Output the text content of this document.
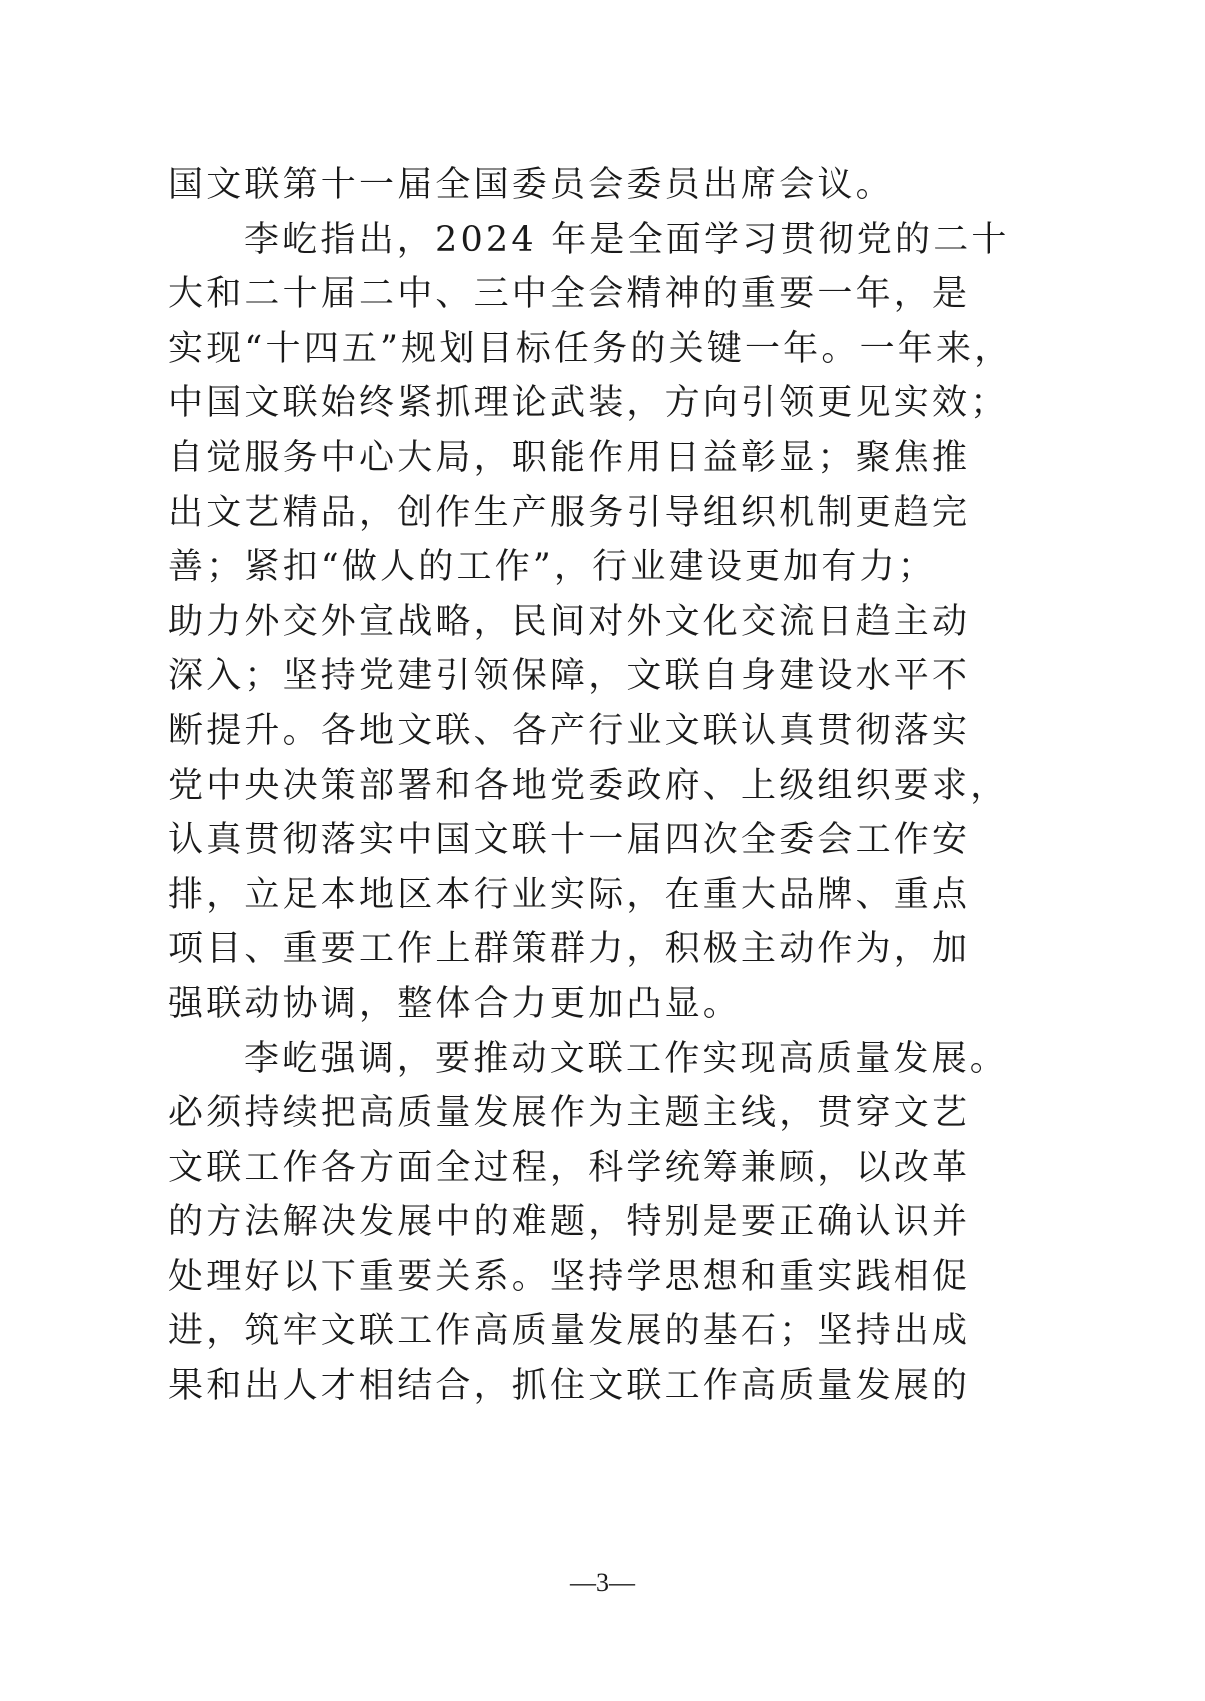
国文联第十一届全国委员会委员出席会议。
李屹指出，2024 年是全面学习贯彻党的二十
大和二十届二中、三中全会精神的重要一年，是
实现“十四五”规划目标任务的关键一年。一年来，
中国文联始终紧抓理论武装，方向引领更见实效；
自觉服务中心大局，职能作用日益彰显；聚焦推
出文艺精品，创作生产服务引导组织机制更趋完
善；紧扣“做人的工作”，行业建设更加有力；
助力外交外宣战略，民间对外文化交流日趋主动
深入；坚持党建引领保障，文联自身建设水平不
断提升。各地文联、各产行业文联认真贯彻落实
党中央决策部署和各地党委政府、上级组织要求，
认真贯彻落实中国文联十一届四次全委会工作安
排，立足本地区本行业实际，在重大品牌、重点
项目、重要工作上群策群力，积极主动作为，加
强联动协调，整体合力更加凸显。
李屹强调，要推动文联工作实现高质量发展。
必须持续把高质量发展作为主题主线，贯穿文艺
文联工作各方面全过程，科学统筹兼顾，以改革
的方法解决发展中的难题，特别是要正确认识并
处理好以下重要关系。坚持学思想和重实践相促
进，筑牢文联工作高质量发展的基石；坚持出成
果和出人才相结合，抓住文联工作高质量发展的
—3—
